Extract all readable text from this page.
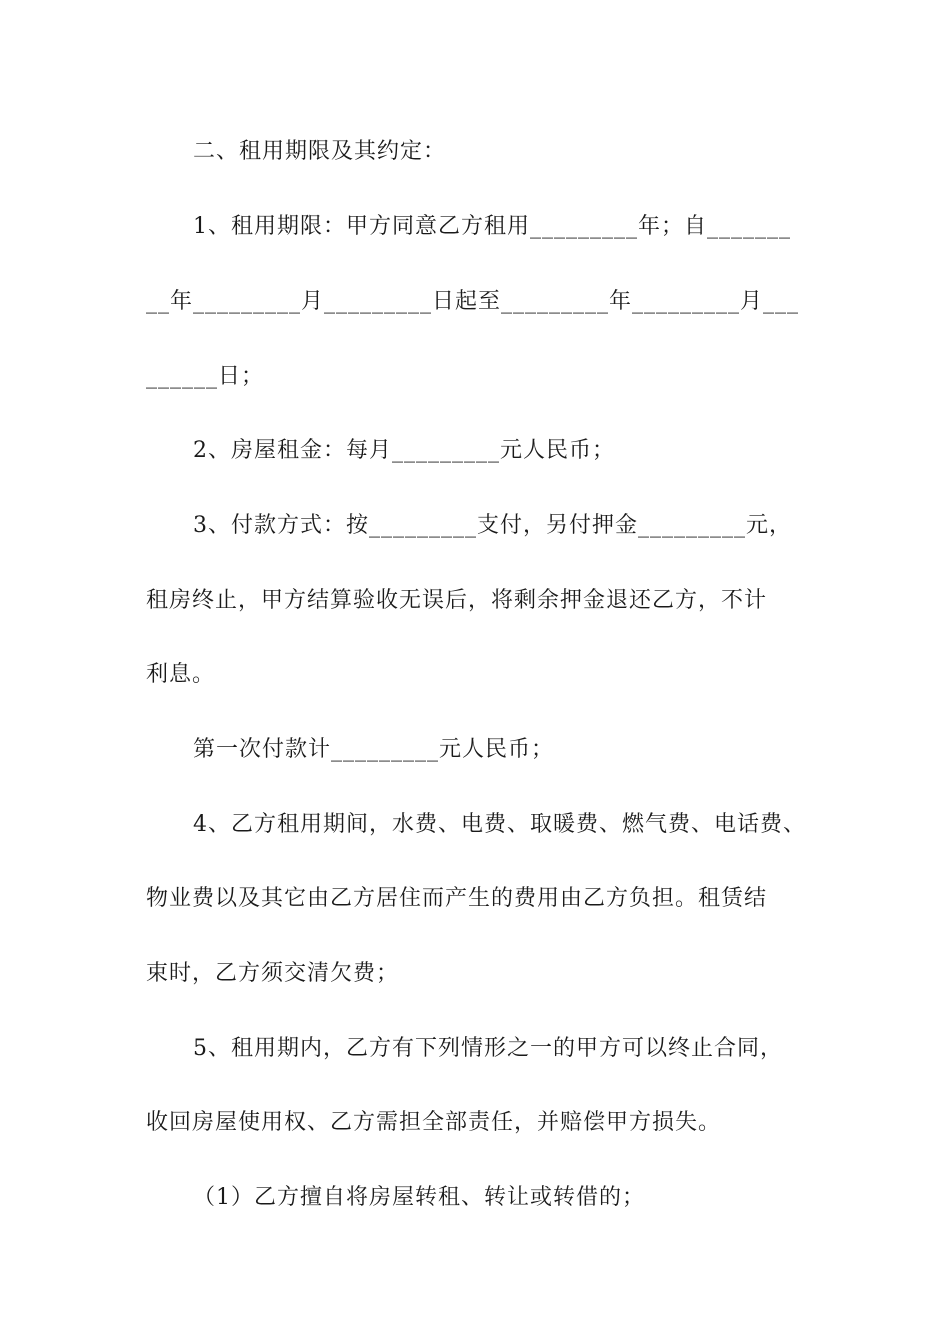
二、租用期限及其约定：
1、租用期限：甲方同意乙方租用_________年；自_______
__年_________月_________日起至_________年_________月___
______日；
2、房屋租金：每月_________元人民币；
3、付款方式：按_________支付，另付押金_________元，
租房终止，甲方结算验收无误后，将剩余押金退还乙方，不计
利息。
第一次付款计_________元人民币；
4、乙方租用期间，水费、电费、取暖费、燃气费、电话费、
物业费以及其它由乙方居住而产生的费用由乙方负担。租赁结
束时，乙方须交清欠费；
5、租用期内，乙方有下列情形之一的甲方可以终止合同，
收回房屋使用权、乙方需担全部责任，并赔偿甲方损失。
（1）乙方擅自将房屋转租、转让或转借的；
